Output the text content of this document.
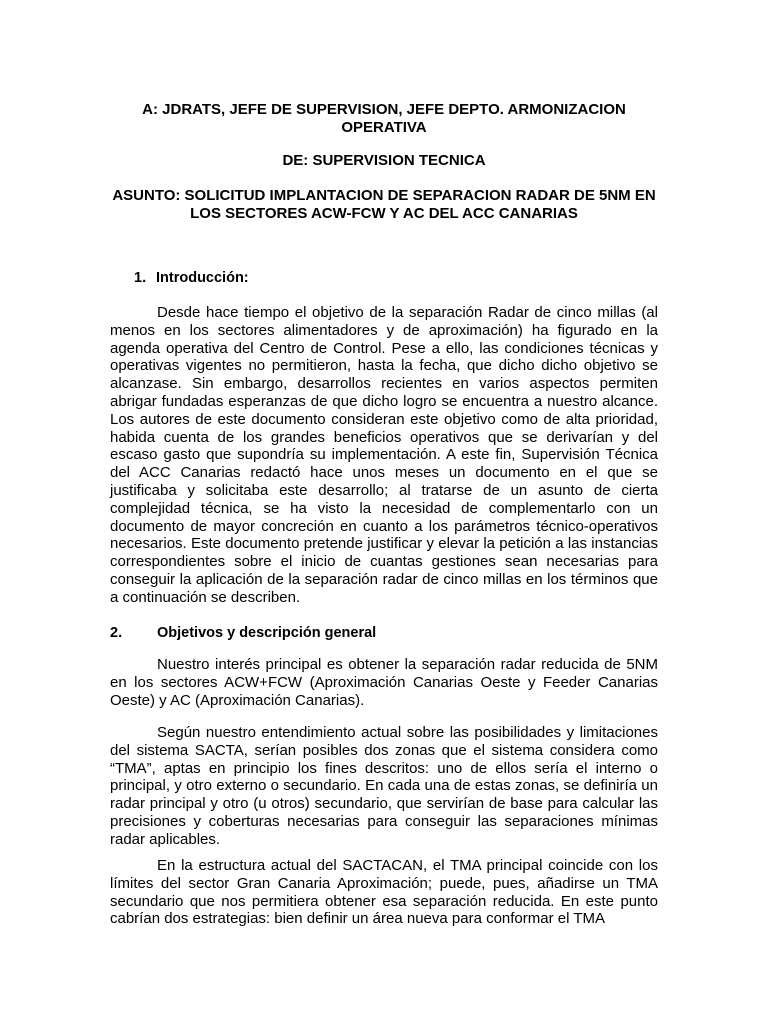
A: JDRATS, JEFE DE SUPERVISION, JEFE DEPTO. ARMONIZACION OPERATIVA

DE: SUPERVISION TECNICA

ASUNTO: SOLICITUD IMPLANTACION DE SEPARACION RADAR DE 5NM EN LOS SECTORES ACW-FCW Y AC DEL ACC CANARIAS

1. Introducción:

Desde hace tiempo el objetivo de la separación Radar de cinco millas (al menos en los sectores alimentadores y de aproximación) ha figurado en la agenda operativa del Centro de Control. Pese a ello, las condiciones técnicas y operativas vigentes no permitieron, hasta la fecha, que dicho dicho objetivo se alcanzase. Sin embargo, desarrollos recientes en varios aspectos permiten abrigar fundadas esperanzas de que dicho logro se encuentra a nuestro alcance. Los autores de este documento consideran este objetivo como de alta prioridad, habida cuenta de los grandes beneficios operativos que se derivarían y del escaso gasto que supondría su implementación. A este fin, Supervisión Técnica del ACC Canarias redactó hace unos meses un documento en el que se justificaba y solicitaba este desarrollo; al tratarse de un asunto de cierta complejidad técnica, se ha visto la necesidad de complementarlo con un documento de mayor concreción en cuanto a los parámetros técnico-operativos necesarios. Este documento pretende justificar y elevar la petición a las instancias correspondientes sobre el inicio de cuantas gestiones sean necesarias para conseguir la aplicación de la separación radar de cinco millas en los términos que a continuación se describen.

2. Objetivos y descripción general

Nuestro interés principal es obtener la separación radar reducida de 5NM en los sectores ACW+FCW (Aproximación Canarias Oeste y Feeder Canarias Oeste) y AC (Aproximación Canarias).

Según nuestro entendimiento actual sobre las posibilidades y limitaciones del sistema SACTA, serían posibles dos zonas que el sistema considera como “TMA”, aptas en principio los fines descritos: uno de ellos sería el interno o principal, y otro externo o secundario. En cada una de estas zonas, se definiría un radar principal y otro (u otros) secundario, que servirían de base para calcular las precisiones y coberturas necesarias para conseguir las separaciones mínimas radar aplicables.

En la estructura actual del SACTACAN, el TMA principal coincide con los límites del sector Gran Canaria Aproximación; puede, pues, añadirse un TMA secundario que nos permitiera obtener esa separación reducida. En este punto cabrían dos estrategias: bien definir un área nueva para conformar el TMA
